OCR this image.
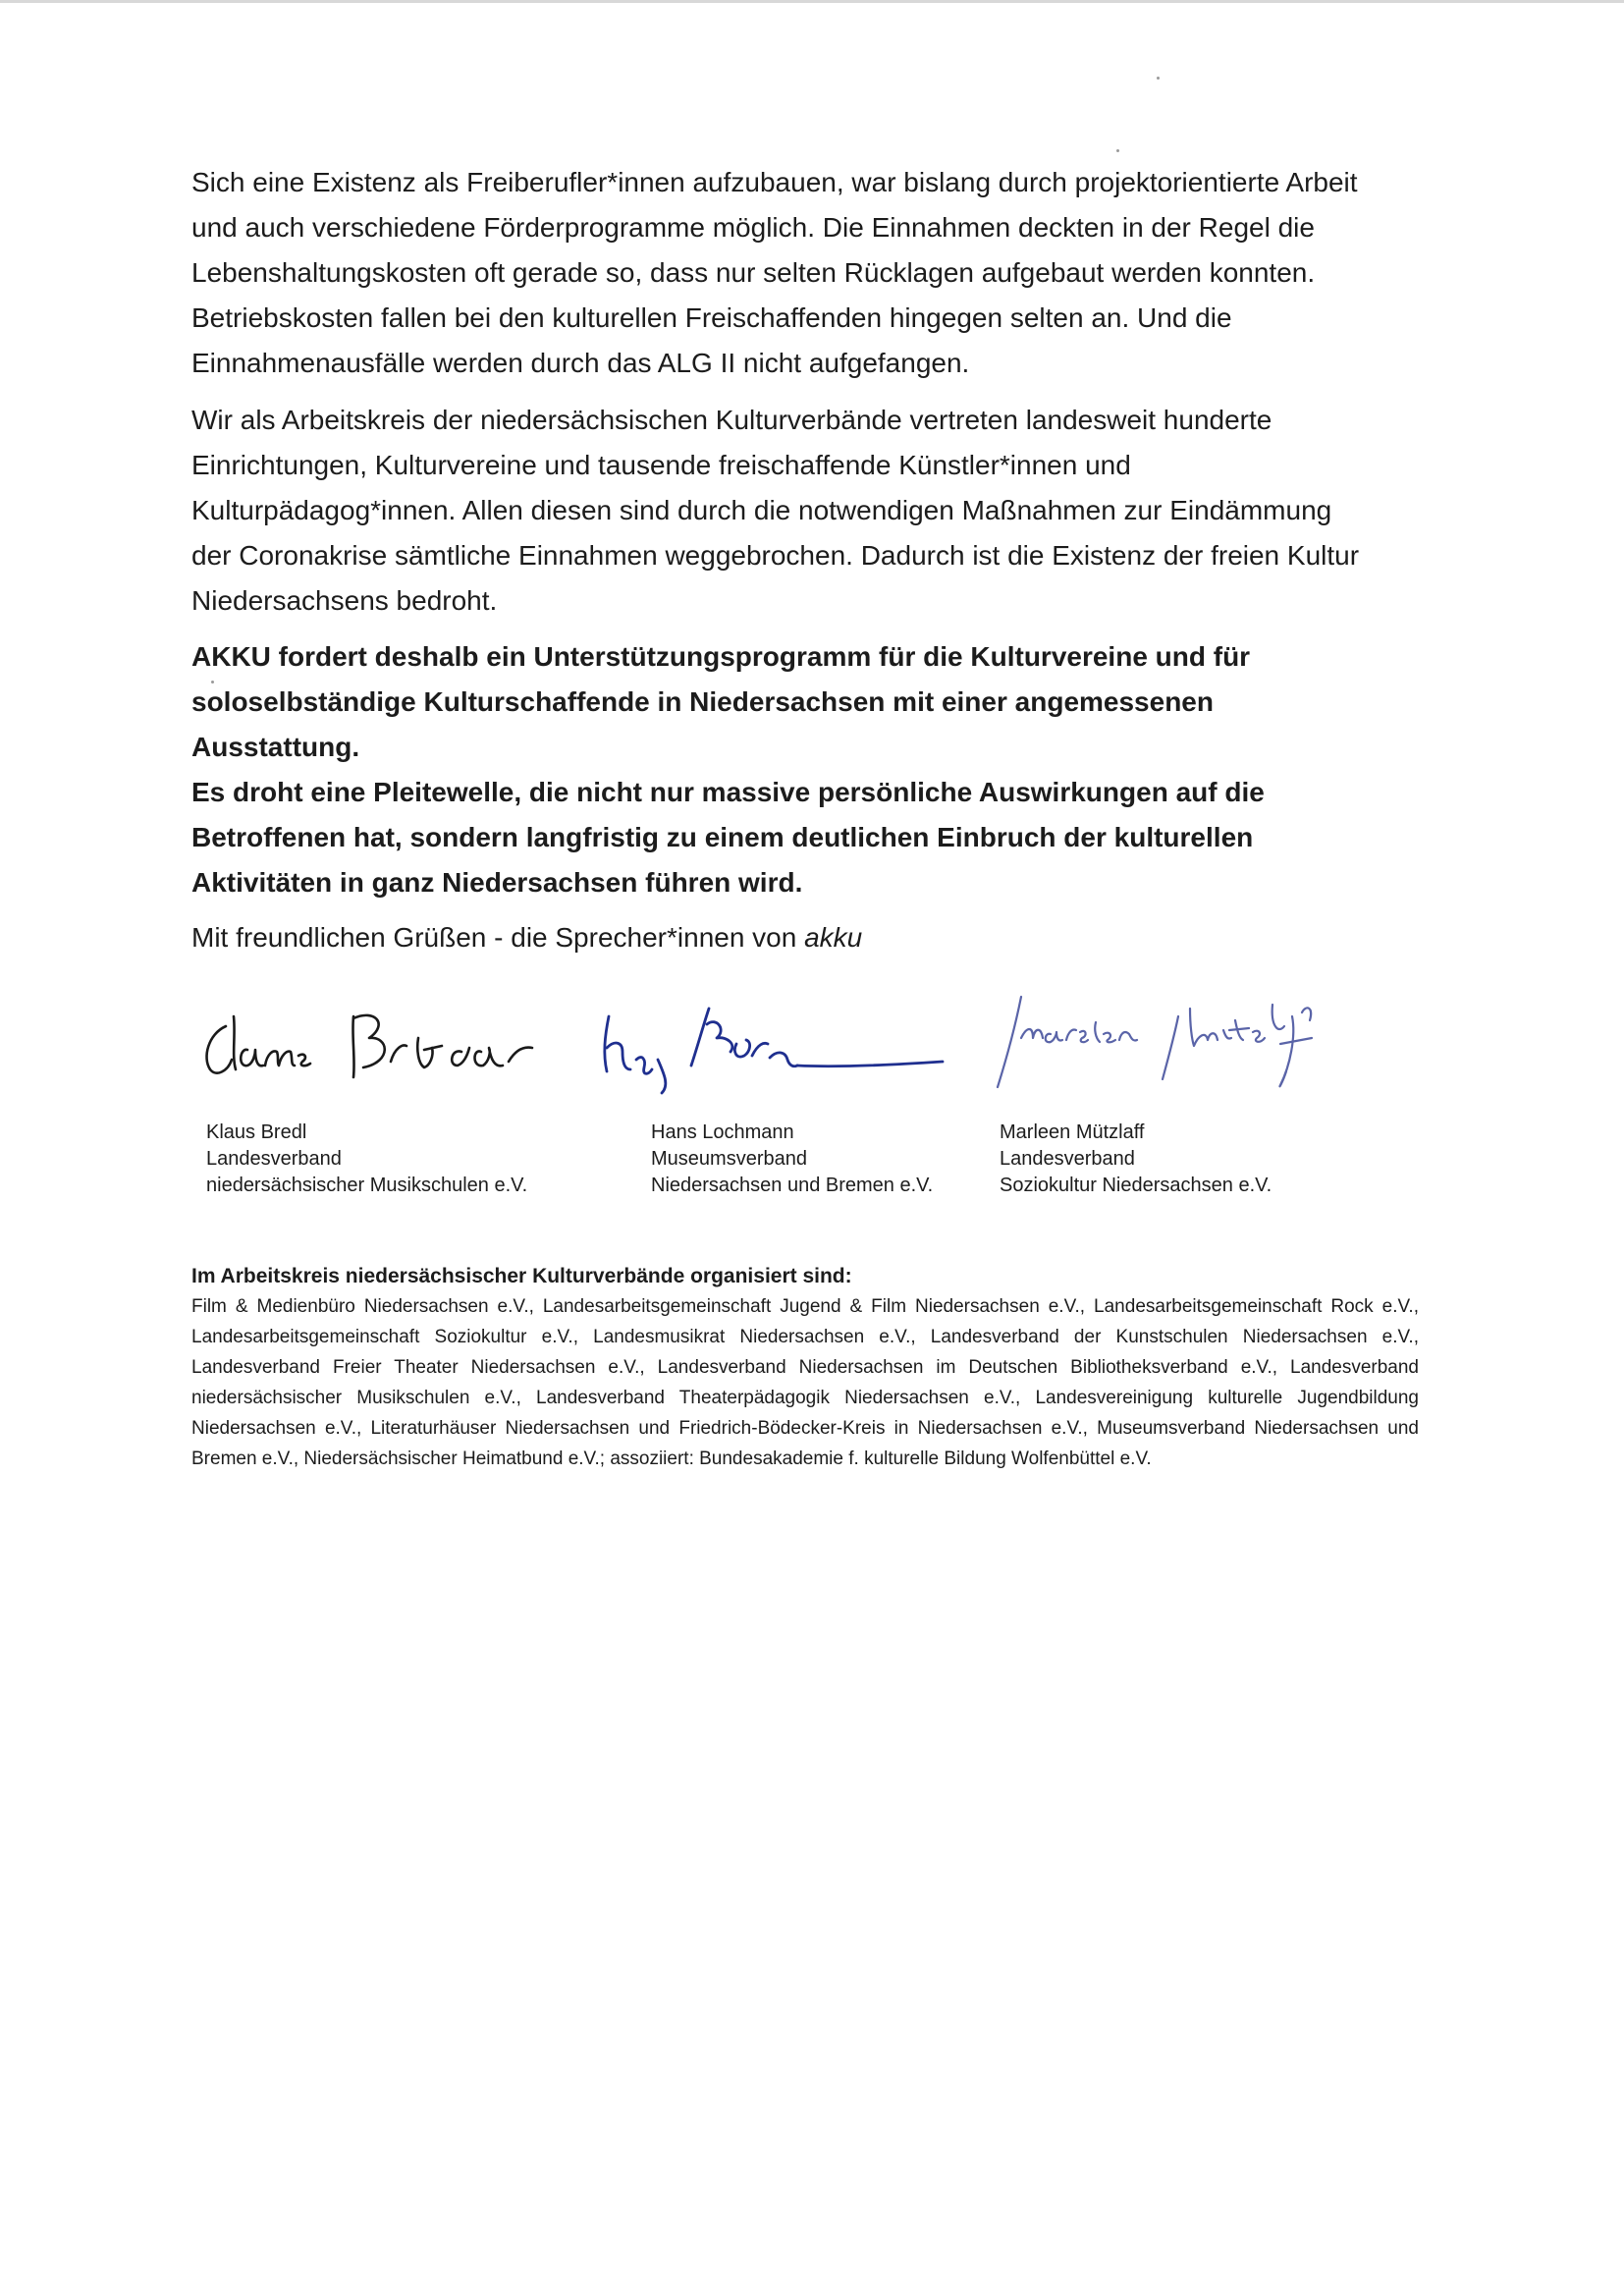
Sich eine Existenz als Freiberufler*innen aufzubauen, war bislang durch projektorientierte Arbeit und auch verschiedene Förderprogramme möglich. Die Einnahmen deckten in der Regel die Lebenshaltungskosten oft gerade so, dass nur selten Rücklagen aufgebaut werden konnten. Betriebskosten fallen bei den kulturellen Freischaffenden hingegen selten an. Und die Einnahmenausfälle werden durch das ALG II nicht aufgefangen.

Wir als Arbeitskreis der niedersächsischen Kulturverbände vertreten landesweit hunderte Einrichtungen, Kulturvereine und tausende freischaffende Künstler*innen und Kulturpädagog*innen. Allen diesen sind durch die notwendigen Maßnahmen zur Eindämmung der Coronakrise sämtliche Einnahmen weggebrochen. Dadurch ist die Existenz der freien Kultur Niedersachsens bedroht.

AKKU fordert deshalb ein Unterstützungsprogramm für die Kulturvereine und für soloselbständige Kulturschaffende in Niedersachsen mit einer angemessenen Ausstattung.

Es droht eine Pleitewelle, die nicht nur massive persönliche Auswirkungen auf die Betroffenen hat, sondern langfristig zu einem deutlichen Einbruch der kulturellen Aktivitäten in ganz Niedersachsen führen wird.

Mit freundlichen Grüßen - die Sprecher*innen von akku
Klaus Bredl
Landesverband
niedersächsischer Musikschulen e.V.
Hans Lochmann
Museumsverband
Niedersachsen und Bremen e.V.
Marleen Mützlaff
Landesverband
Soziokultur Niedersachsen e.V.
Im Arbeitskreis niedersächsischer Kulturverbände organisiert sind:
Film & Medienbüro Niedersachsen e.V., Landesarbeitsgemeinschaft Jugend & Film Niedersachsen e.V., Landesarbeitsgemeinschaft Rock e.V., Landesarbeitsgemeinschaft Soziokultur e.V., Landesmusikrat Niedersachsen e.V., Landesverband der Kunstschulen Niedersachsen e.V., Landesverband Freier Theater Niedersachsen e.V., Landesverband Niedersachsen im Deutschen Bibliotheksverband e.V., Landesverband niedersächsischer Musikschulen e.V., Landesverband Theaterpädagogik Niedersachsen e.V., Landesvereinigung kulturelle Jugendbildung Niedersachsen e.V., Literaturhäuser Niedersachsen und Friedrich-Bödecker-Kreis in Niedersachsen e.V., Museumsverband Niedersachsen und Bremen e.V., Niedersächsischer Heimatbund e.V.; assoziiert: Bundesakademie f. kulturelle Bildung Wolfenbüttel e.V.
